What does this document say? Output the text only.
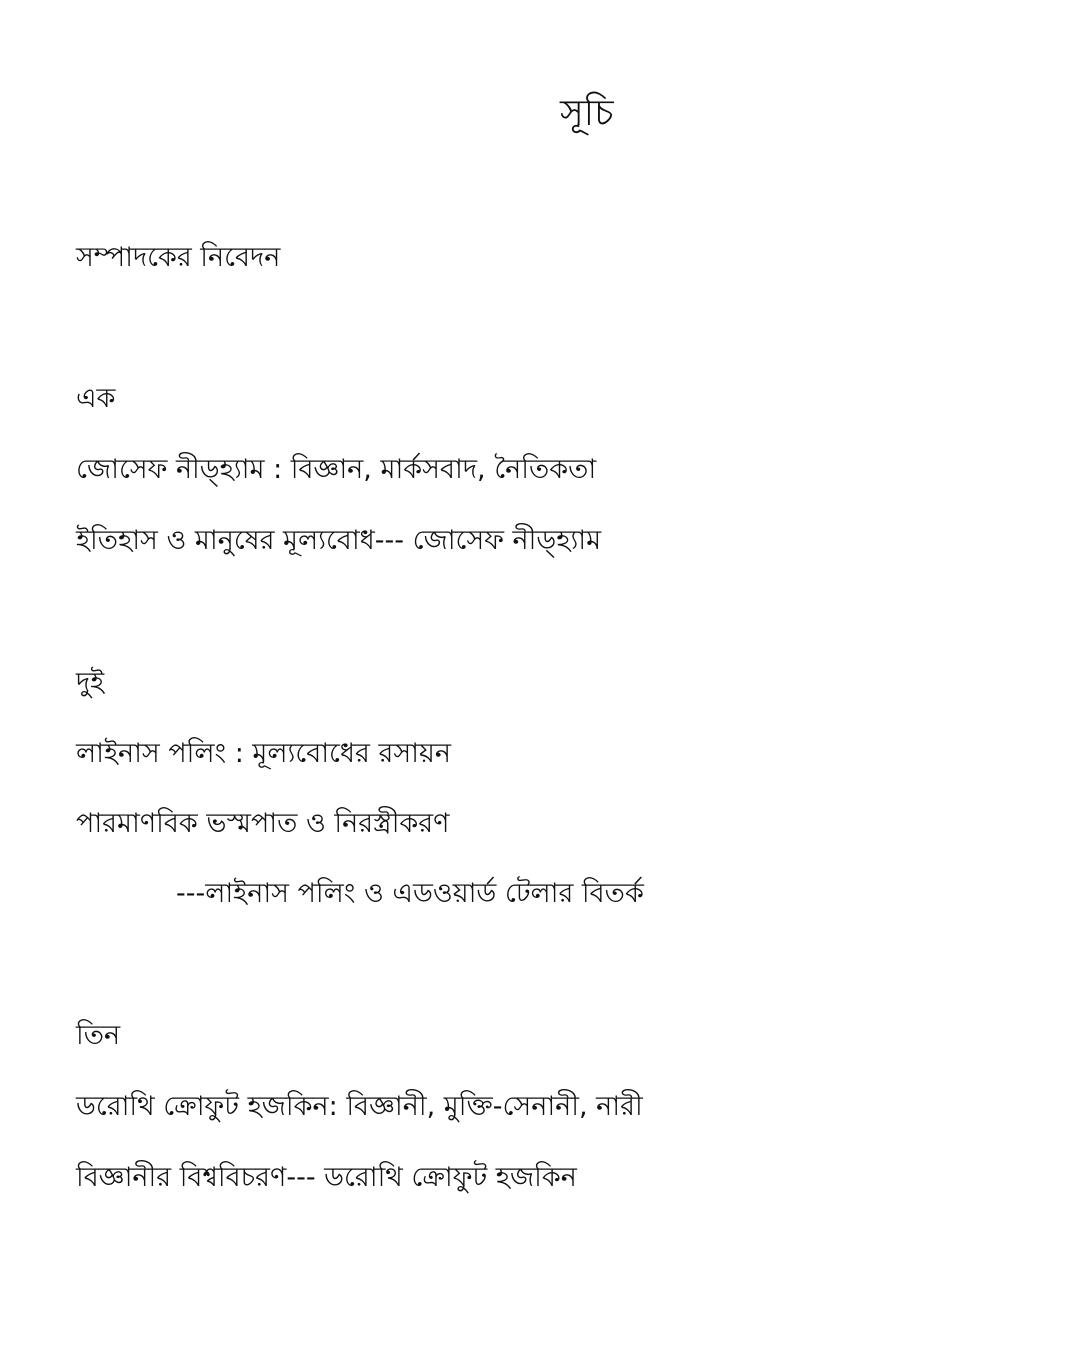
সূচি
সম্পাদকের নিবেদন
এক
জোসেফ নীড্হ্যাম : বিজ্ঞান, মার্কসবাদ, নৈতিকতা
ইতিহাস ও মানুষের মূল্যবোধ--- জোসেফ নীড্হ্যাম
দুই
লাইনাস পলিং : মূল্যবোধের রসায়ন
পারমাণবিক ভস্মপাত ও নিরস্ত্রীকরণ
---লাইনাস পলিং ও এডওয়ার্ড টেলার বিতর্ক
তিন
ডরোথি ক্রোফুট হজকিন: বিজ্ঞানী, মুক্তি-সেনানী, নারী
বিজ্ঞানীর বিশ্ববিচরণ--- ডরোথি ক্রোফুট হজকিন
